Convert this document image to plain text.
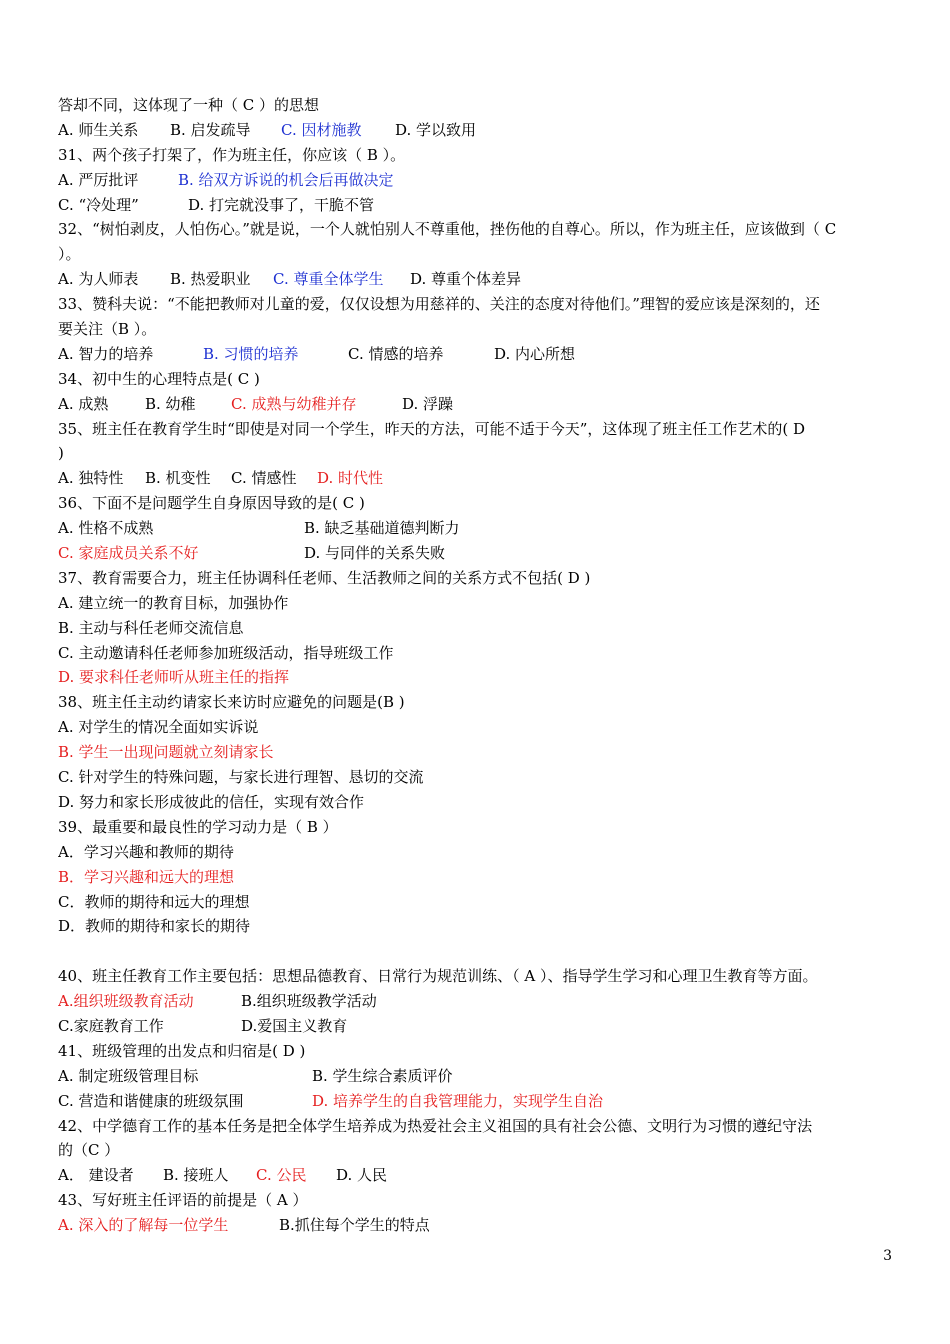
答却不同，这体现了一种（ C ）的思想
A. 师生关系 B. 启发疏导 C. 因材施教 D. 学以致用
31、两个孩子打架了，作为班主任，你应该（ B ）。
A. 严厉批评	B. 给双方诉说的机会后再做决定
C. “冷处理”	D. 打完就没事了，干脆不管
32、“树怕剥皮，人怕伤心。”就是说，一个人就怕别人不尊重他，挫伤他的自尊心。所以，作为班主任，应该做到（ C
）。
A. 为人师表 B. 热爱职业 C. 尊重全体学生 D. 尊重个体差异
33、赞科夫说：“不能把教师对儿童的爱，仅仅设想为用慈祥的、关注的态度对待他们。”理智的爱应该是深刻的，还
要关注（B ）。
A. 智力的培养	B. 习惯的培养	C. 情感的培养	D. 内心所想
34、初中生的心理特点是( C )
A. 成熟 B. 幼稚 C. 成熟与幼稚并存	D. 浮躁
35、班主任在教育学生时“即使是对同一个学生，昨天的方法，可能不适于今天”，这体现了班主任工作艺术的( D
)
A. 独特性 B. 机变性 C. 情感性 D. 时代性
36、下面不是问题学生自身原因导致的是( C )
A. 性格不成熟	B. 缺乏基础道德判断力
C. 家庭成员关系不好	D. 与同伴的关系失败
37、教育需要合力，班主任协调科任老师、生活教师之间的关系方式不包括( D )
A. 建立统一的教育目标，加强协作
B. 主动与科任老师交流信息
C. 主动邀请科任老师参加班级活动，指导班级工作
D. 要求科任老师听从班主任的指挥
38、班主任主动约请家长来访时应避免的问题是(B )
A. 对学生的情况全面如实诉说
B. 学生一出现问题就立刻请家长
C. 针对学生的特殊问题，与家长进行理智、恳切的交流
D. 努力和家长形成彼此的信任，实现有效合作
39、最重要和最良性的学习动力是（ B ）
A．学习兴趣和教师的期待
B．学习兴趣和远大的理想
C．教师的期待和远大的理想
D．教师的期待和家长的期待
40、班主任教育工作主要包括：思想品德教育、日常行为规范训练、（ A ）、指导学生学习和心理卫生教育等方面。
A.组织班级教育活动	B.组织班级教学活动
C.家庭教育工作	D.爱国主义教育
41、班级管理的出发点和归宿是( D )
A. 制定班级管理目标	B. 学生综合素质评价
C. 营造和谐健康的班级氛围	D. 培养学生的自我管理能力，实现学生自治
42、中学德育工作的基本任务是把全体学生培养成为热爱社会主义祖国的具有社会公德、文明行为习惯的遵纪守法
的（C ）
A． 建设者 B. 接班人 C. 公民 D. 人民
43、写好班主任评语的前提是（ A ）
A. 深入的了解每一位学生	B.抓住每个学生的特点
3
